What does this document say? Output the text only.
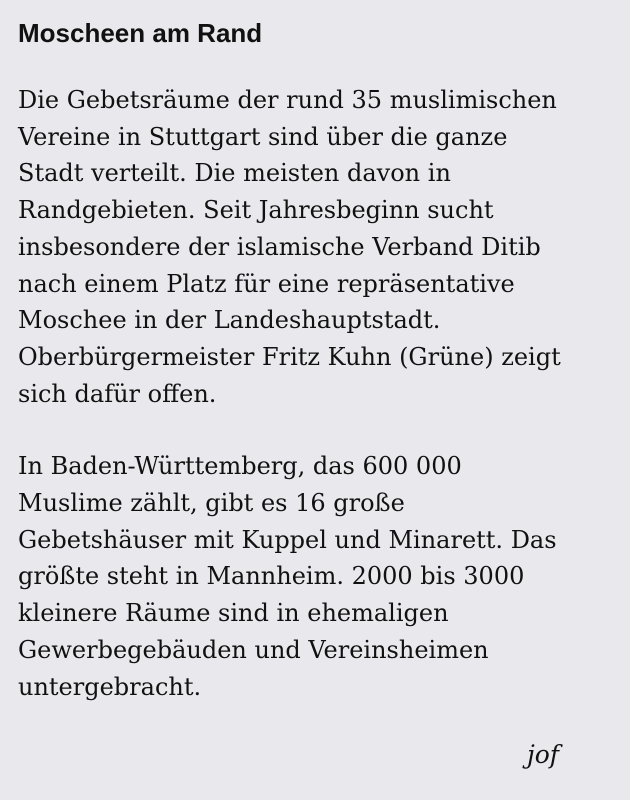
Moscheen am Rand

Die Gebetsräume der rund 35 muslimischen
Vereine in Stuttgart sind über die ganze
Stadt verteilt. Die meisten davon in
Randgebieten. Seit Jahresbeginn sucht
insbesondere der islamische Verband Ditib
nach einem Platz für eine repräsentative
Moschee in der Landeshauptstadt.
Oberbürgermeister Fritz Kuhn (Grüne) zeigt
sich dafür offen.

In Baden-Württemberg, das 600 000
Muslime zählt, gibt es 16 große
Gebetshäuser mit Kuppel und Minarett. Das
größte steht in Mannheim. 2000 bis 3000
kleinere Räume sind in ehemaligen
Gewerbegebäuden und Vereinsheimen
untergebracht.

jof
